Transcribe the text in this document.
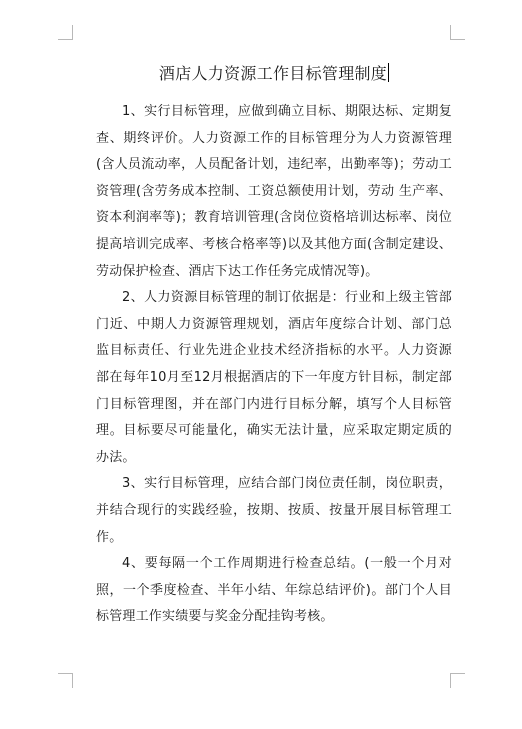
酒店人力资源工作目标管理制度

1、实行目标管理，应做到确立目标、期限达标、定期复查、期终评价。人力资源工作的目标管理分为人力资源管理(含人员流动率，人员配备计划，违纪率，出勤率等)；劳动工资管理(含劳务成本控制、工资总额使用计划，劳动 生产率、资本利润率等)；教育培训管理(含岗位资格培训达标率、岗位提高培训完成率、考核合格率等)以及其他方面(含制定建设、劳动保护检查、酒店下达工作任务完成情况等)。

2、人力资源目标管理的制订依据是：行业和上级主管部门近、中期人力资源管理规划，酒店年度综合计划、部门总监目标责任、行业先进企业技术经济指标的水平。人力资源部在每年10月至12月根据酒店的下一年度方针目标，制定部门目标管理图，并在部门内进行目标分解，填写个人目标管理。目标要尽可能量化，确实无法计量，应采取定期定质的办法。

3、实行目标管理，应结合部门岗位责任制，岗位职责，并结合现行的实践经验，按期、按质、按量开展目标管理工作。

4、要每隔一个工作周期进行检查总结。(一般一个月对照，一个季度检查、半年小结、年综总结评价)。部门个人目标管理工作实绩要与奖金分配挂钩考核。
